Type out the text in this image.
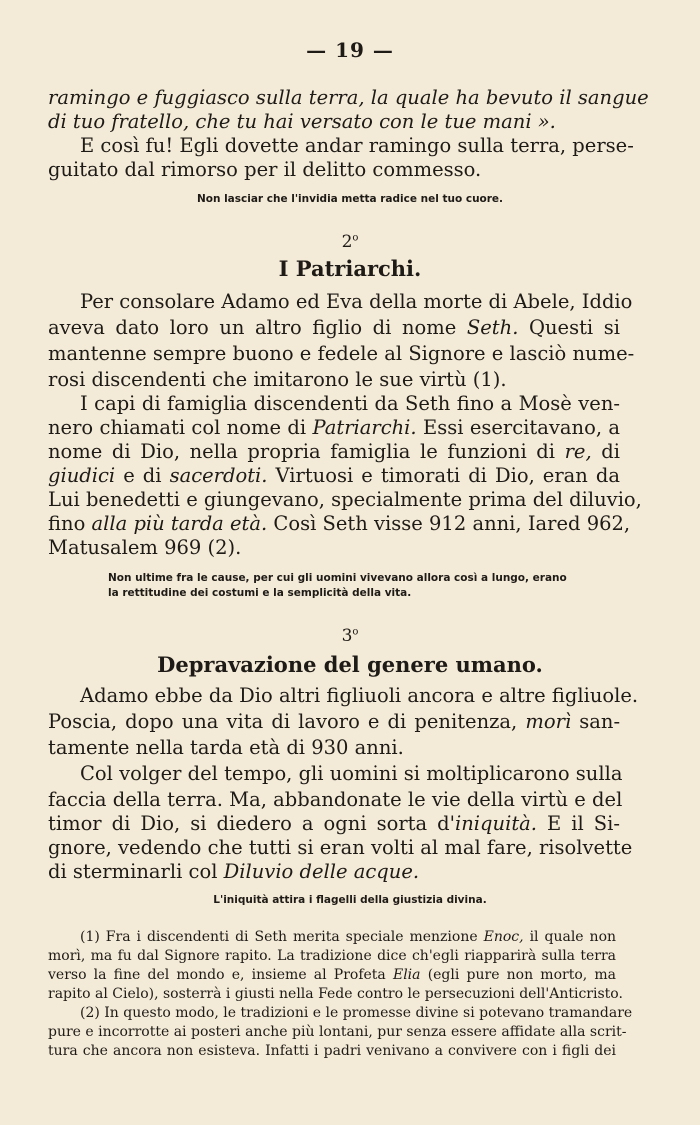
— 19 —
ramingo e fuggiasco sulla terra, la quale ha bevuto il sangue
di tuo fratello, che tu hai versato con le tue mani ».
E così fu! Egli dovette andar ramingo sulla terra, perse-
guitato dal rimorso per il delitto commesso.
Non lasciar che l'invidia metta radice nel tuo cuore.
2$^o$
I Patriarchi.
Per consolare Adamo ed Eva della morte di Abele, Iddio
aveva dato loro un altro figlio di nome Seth. Questi si
mantenne sempre buono e fedele al Signore e lasciò nume-
rosi discendenti che imitarono le sue virtù (1).
I capi di famiglia discendenti da Seth fino a Mosè ven-
nero chiamati col nome di Patriarchi. Essi esercitavano, a
nome di Dio, nella propria famiglia le funzioni di re, di
giudici e di sacerdoti. Virtuosi e timorati di Dio, eran da
Lui benedetti e giungevano, specialmente prima del diluvio,
fino alla più tarda età. Così Seth visse 912 anni, Iared 962,
Matusalem 969 (2).
Non ultime fra le cause, per cui gli uomini vivevano allora così a lungo, erano
la rettitudine dei costumi e la semplicità della vita.
3$^o$
Depravazione del genere umano.
Adamo ebbe da Dio altri figliuoli ancora e altre figliuole.
Poscia, dopo una vita di lavoro e di penitenza, morì san-
tamente nella tarda età di 930 anni.
Col volger del tempo, gli uomini si moltiplicarono sulla
faccia della terra. Ma, abbandonate le vie della virtù e del
timor di Dio, si diedero a ogni sorta d'iniquità. E il Si-
gnore, vedendo che tutti si eran volti al mal fare, risolvette
di sterminarli col Diluvio delle acque.
L'iniquità attira i flagelli della giustizia divina.
(1) Fra i discendenti di Seth merita speciale menzione Enoc, il quale non
morì, ma fu dal Signore rapito. La tradizione dice ch'egli riapparirà sulla terra
verso la fine del mondo e, insieme al Profeta Elia (egli pure non morto, ma
rapito al Cielo), sosterrà i giusti nella Fede contro le persecuzioni dell'Anticristo.
(2) In questo modo, le tradizioni e le promesse divine si potevano tramandare
pure e incorrotte ai posteri anche più lontani, pur senza essere affidate alla scrit-
tura che ancora non esisteva. Infatti i padri venivano a convivere con i figli dei
